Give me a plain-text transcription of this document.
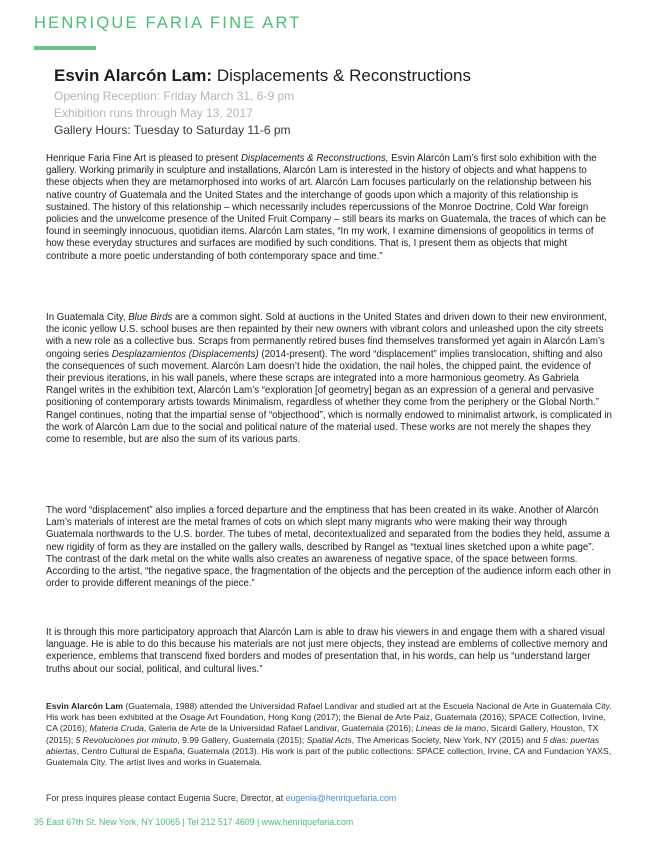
HENRIQUE FARIA FINE ART
Esvin Alarcón Lam: Displacements & Reconstructions
Opening Reception: Friday March 31, 6-9 pm
Exhibition runs through May 13, 2017
Gallery Hours: Tuesday to Saturday 11-6 pm

Henrique Faria Fine Art is pleased to present Displacements & Reconstructions, Esvin Alarcón Lam’s first solo exhibition with the gallery. Working primarily in sculpture and installations, Alarcón Lam is interested in the history of objects and what happens to these objects when they are metamorphosed into works of art. Alarcón Lam focuses particularly on the relationship between his native country of Guatemala and the United States and the interchange of goods upon which a majority of this relationship is sustained. The history of this relationship – which necessarily includes repercussions of the Monroe Doctrine, Cold War foreign policies and the unwelcome presence of the United Fruit Company – still bears its marks on Guatemala, the traces of which can be found in seemingly innocuous, quotidian items. Alarcón Lam states, “In my work, I examine dimensions of geopolitics in terms of how these everyday structures and surfaces are modified by such conditions. That is, I present them as objects that might contribute a more poetic understanding of both contemporary space and time.”

In Guatemala City, Blue Birds are a common sight. Sold at auctions in the United States and driven down to their new environment, the iconic yellow U.S. school buses are then repainted by their new owners with vibrant colors and unleashed upon the city streets with a new role as a collective bus. Scraps from permanently retired buses find themselves transformed yet again in Alarcón Lam’s ongoing series Desplazamientos (Displacements) (2014-present). The word “displacement” implies translocation, shifting and also the consequences of such movement. Alarcón Lam doesn’t hide the oxidation, the nail holes, the chipped paint, the evidence of their previous iterations, in his wall panels, where these scraps are integrated into a more harmonious geometry. As Gabriela Rangel writes in the exhibition text, Alarcón Lam’s “exploration [of geometry] began as an expression of a general and pervasive positioning of contemporary artists towards Minimalism, regardless of whether they come from the periphery or the Global North.” Rangel continues, noting that the impartial sense of “objecthood”, which is normally endowed to minimalist artwork, is complicated in the work of Alarcón Lam due to the social and political nature of the material used. These works are not merely the shapes they come to resemble, but are also the sum of its various parts.

The word “displacement” also implies a forced departure and the emptiness that has been created in its wake. Another of Alarcón Lam’s materials of interest are the metal frames of cots on which slept many migrants who were making their way through Guatemala northwards to the U.S. border. The tubes of metal, decontextualized and separated from the bodies they held, assume a new rigidity of form as they are installed on the gallery walls, described by Rangel as “textual lines sketched upon a white page”. The contrast of the dark metal on the white walls also creates an awareness of negative space, of the space between forms. According to the artist, “the negative space, the fragmentation of the objects and the perception of the audience inform each other in order to provide different meanings of the piece.”

It is through this more participatory approach that Alarcón Lam is able to draw his viewers in and engage them with a shared visual language. He is able to do this because his materials are not just mere objects, they instead are emblems of collective memory and experience, emblems that transcend fixed borders and modes of presentation that, in his words, can help us “understand larger truths about our social, political, and cultural lives.”

Esvin Alarcón Lam (Guatemala, 1988) attended the Universidad Rafael Landivar and studied art at the Escuela Nacional de Arte in Guatemala City. His work has been exhibited at the Osage Art Foundation, Hong Kong (2017); the Bienal de Arte Paiz, Guatemala (2016); SPACE Collection, Irvine, CA (2016); Materia Cruda, Galeria de Arte de la Universidad Rafael Landivar, Guatemala (2016); Lineas de la mano, Sicardi Gallery, Houston, TX (2015); 5 Revoluciones por minuto, 9.99 Gallery, Guatemala (2015); Spatial Acts, The Americas Society, New York, NY (2015) and 5 dias: puertas abiertas, Centro Cultural de España, Guatemala (2013). His work is part of the public collections: SPACE collection, Irvine, CA and Fundacion YAXS, Guatemala City. The artist lives and works in Guatemala.
For press inquires please contact Eugenia Sucre, Director, at eugenia@henriquefaria.com
35 East 67th St. New York, NY 10065 | Tel 212 517 4609 | www.henriquefaria.com
